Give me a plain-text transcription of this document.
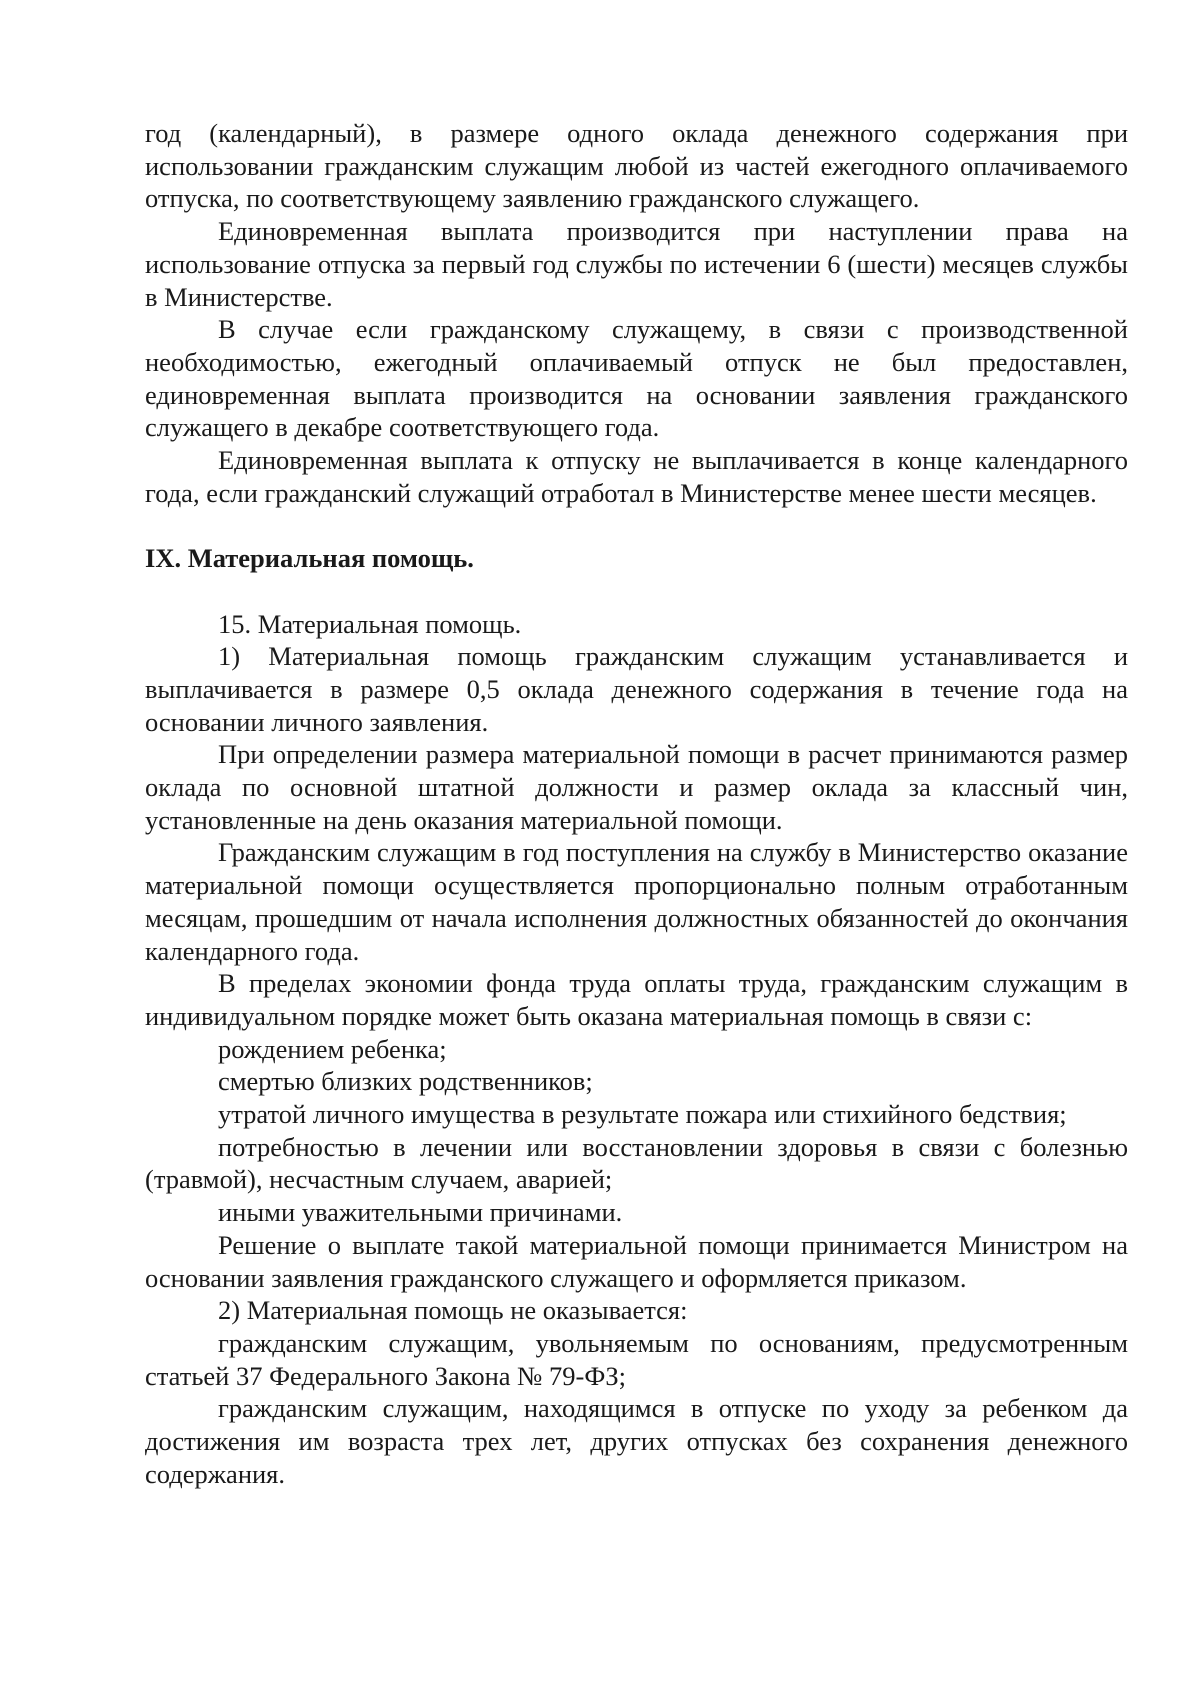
год (календарный), в размере одного оклада денежного содержания при использовании гражданским служащим любой из частей ежегодного оплачиваемого отпуска, по соответствующему заявлению гражданского служащего.

Единовременная выплата производится при наступлении права на использование отпуска за первый год службы по истечении 6 (шести) месяцев службы в Министерстве.

В случае если гражданскому служащему, в связи с производственной необходимостью, ежегодный оплачиваемый отпуск не был предоставлен, единовременная выплата производится на основании заявления гражданского служащего в декабре соответствующего года.

Единовременная выплата к отпуску не выплачивается в конце календарного года, если гражданский служащий отработал в Министерстве менее шести месяцев.

IX. Материальная помощь.

15. Материальная помощь.

1) Материальная помощь гражданским служащим устанавливается и выплачивается в размере 0,5 оклада денежного содержания в течение года на основании личного заявления.

При определении размера материальной помощи в расчет принимаются размер оклада по основной штатной должности и размер оклада за классный чин, установленные на день оказания материальной помощи.

Гражданским служащим в год поступления на службу в Министерство оказание материальной помощи осуществляется пропорционально полным отработанным месяцам, прошедшим от начала исполнения должностных обязанностей до окончания календарного года.

В пределах экономии фонда труда оплаты труда, гражданским служащим в индивидуальном порядке может быть оказана материальная помощь в связи с:

рождением ребенка;

смертью близких родственников;

утратой личного имущества в результате пожара или стихийного бедствия;

потребностью в лечении или восстановлении здоровья в связи с болезнью (травмой), несчастным случаем, аварией;

иными уважительными причинами.

Решение о выплате такой материальной помощи принимается Министром на основании заявления гражданского служащего и оформляется приказом.

2) Материальная помощь не оказывается:

гражданским служащим, увольняемым по основаниям, предусмотренным статьей 37 Федерального Закона № 79-ФЗ;

гражданским служащим, находящимся в отпуске по уходу за ребенком да достижения им возраста трех лет, других отпусках без сохранения денежного содержания.
